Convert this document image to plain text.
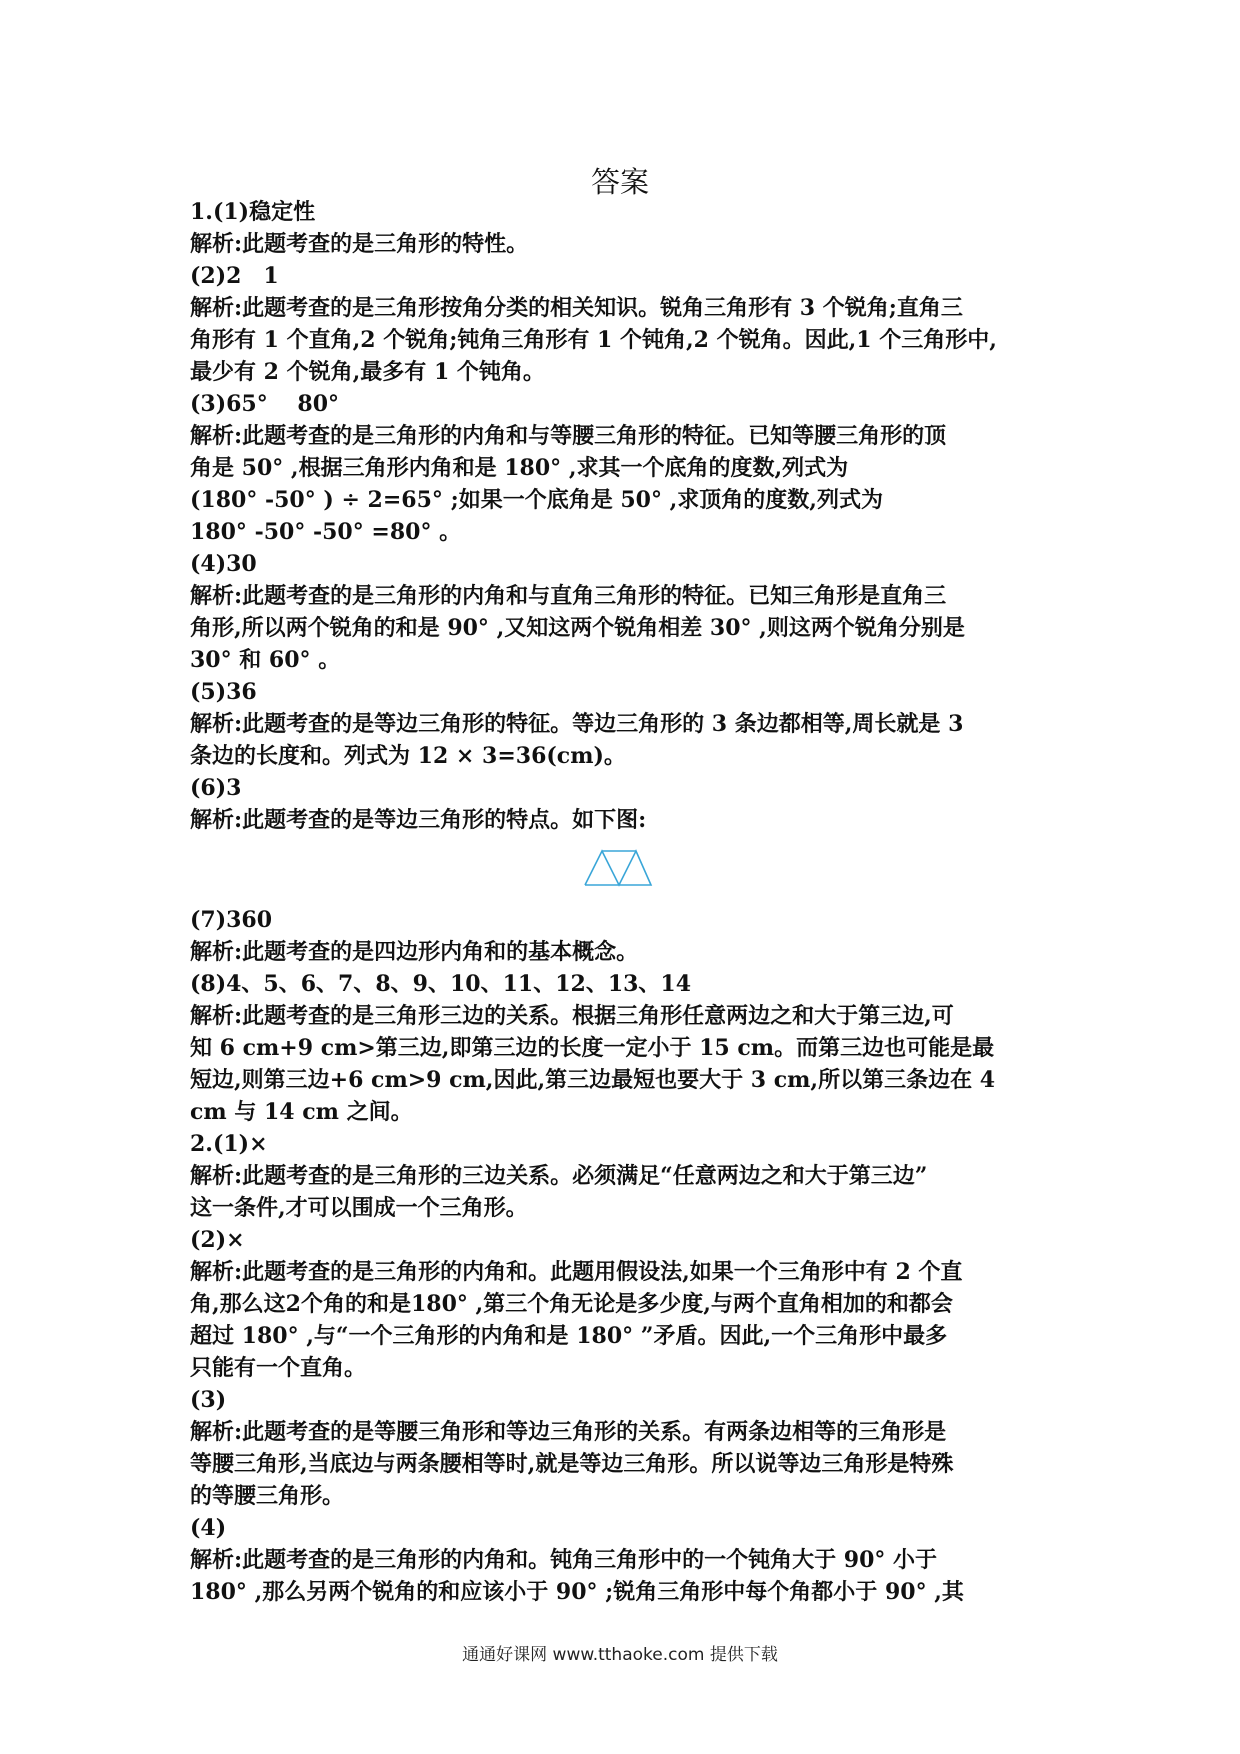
答案

1.(1)稳定性

解析:此题考查的是三角形的特性。

(2)2　1

解析:此题考查的是三角形按角分类的相关知识。锐角三角形有 3 个锐角;直角三

角形有 1 个直角,2 个锐角;钝角三角形有 1 个钝角,2 个锐角。因此,1 个三角形中,

最少有 2 个锐角,最多有 1 个钝角。

(3)65°　 80°

解析:此题考查的是三角形的内角和与等腰三角形的特征。已知等腰三角形的顶

角是 50° ,根据三角形内角和是 180° ,求其一个底角的度数,列式为

(180° -50° ) ÷ 2=65° ;如果一个底角是 50° ,求顶角的度数,列式为

180° -50° -50° =80° 。

(4)30

解析:此题考查的是三角形的内角和与直角三角形的特征。已知三角形是直角三

角形,所以两个锐角的和是 90° ,又知这两个锐角相差 30° ,则这两个锐角分别是

30° 和 60° 。

(5)36

解析:此题考查的是等边三角形的特征。等边三角形的 3 条边都相等,周长就是 3

条边的长度和。列式为 12 × 3=36(cm)。

(6)3

解析:此题考查的是等边三角形的特点。如下图:

(7)360

解析:此题考查的是四边形内角和的基本概念。

(8)4、5、6、7、8、9、10、11、12、13、14

解析:此题考查的是三角形三边的关系。根据三角形任意两边之和大于第三边,可

知 6 cm+9 cm>第三边,即第三边的长度一定小于 15 cm。而第三边也可能是最

短边,则第三边+6 cm>9 cm,因此,第三边最短也要大于 3 cm,所以第三条边在 4

cm 与 14 cm 之间。

2.(1)×

解析:此题考查的是三角形的三边关系。必须满足“任意两边之和大于第三边”

这一条件,才可以围成一个三角形。

(2)×

解析:此题考查的是三角形的内角和。此题用假设法,如果一个三角形中有 2 个直

角,那么这2个角的和是180° ,第三个角无论是多少度,与两个直角相加的和都会

超过 180° ,与“一个三角形的内角和是 180° ”矛盾。因此,一个三角形中最多

只能有一个直角。

(3)

解析:此题考查的是等腰三角形和等边三角形的关系。有两条边相等的三角形是

等腰三角形,当底边与两条腰相等时,就是等边三角形。所以说等边三角形是特殊

的等腰三角形。

(4)

解析:此题考查的是三角形的内角和。钝角三角形中的一个钝角大于 90° 小于

180° ,那么另两个锐角的和应该小于 90° ;锐角三角形中每个角都小于 90° ,其

通通好课网 www.tthaoke.com 提供下载
